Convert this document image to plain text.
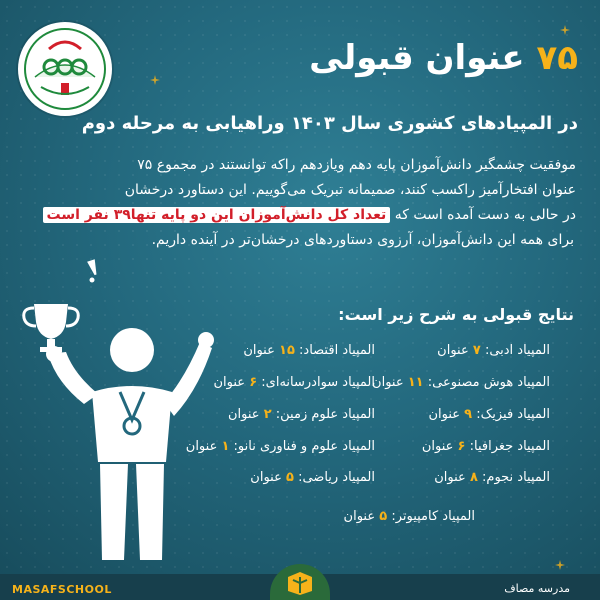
۷۵ عنوان قبولی
در المپیادهای کشوری سال ۱۴۰۳ وراهیابی به مرحله دوم
موفقیت چشمگیر دانش‌آموزان پایه دهم ویازدهم راکه توانستند در مجموع ۷۵
عنوان افتخارآمیز راکسب کنند، صمیمانه تبریک می‌گوییم. این دستاورد درخشان
در حالی به دست آمده است که تعداد کل دانش‌آموزان این دو پایه تنها۳۹ نفر است
برای همه این دانش‌آموزان، آرزوی دستاوردهای درخشان‌تر در آینده داریم.
نتایج قبولی به شرح زیر است:
المپیاد ادبی: ۷ عنوان
المپیاد هوش مصنوعی: ۱۱ عنوان
المپیاد فیزیک: ۹ عنوان
المپیاد جغرافیا: ۶ عنوان
المپیاد نجوم: ۸ عنوان
المپیاد اقتصاد: ۱۵ عنوان
المپیاد سوادرسانه‌ای: ۶ عنوان
المپیاد علوم زمین: ۲ عنوان
المپیاد علوم و فناوری نانو: ۱ عنوان
المپیاد ریاضی: ۵ عنوان
المپیاد کامپیوتر: ۵ عنوان
MASAFSCHOOL	مدرسه مصاف
